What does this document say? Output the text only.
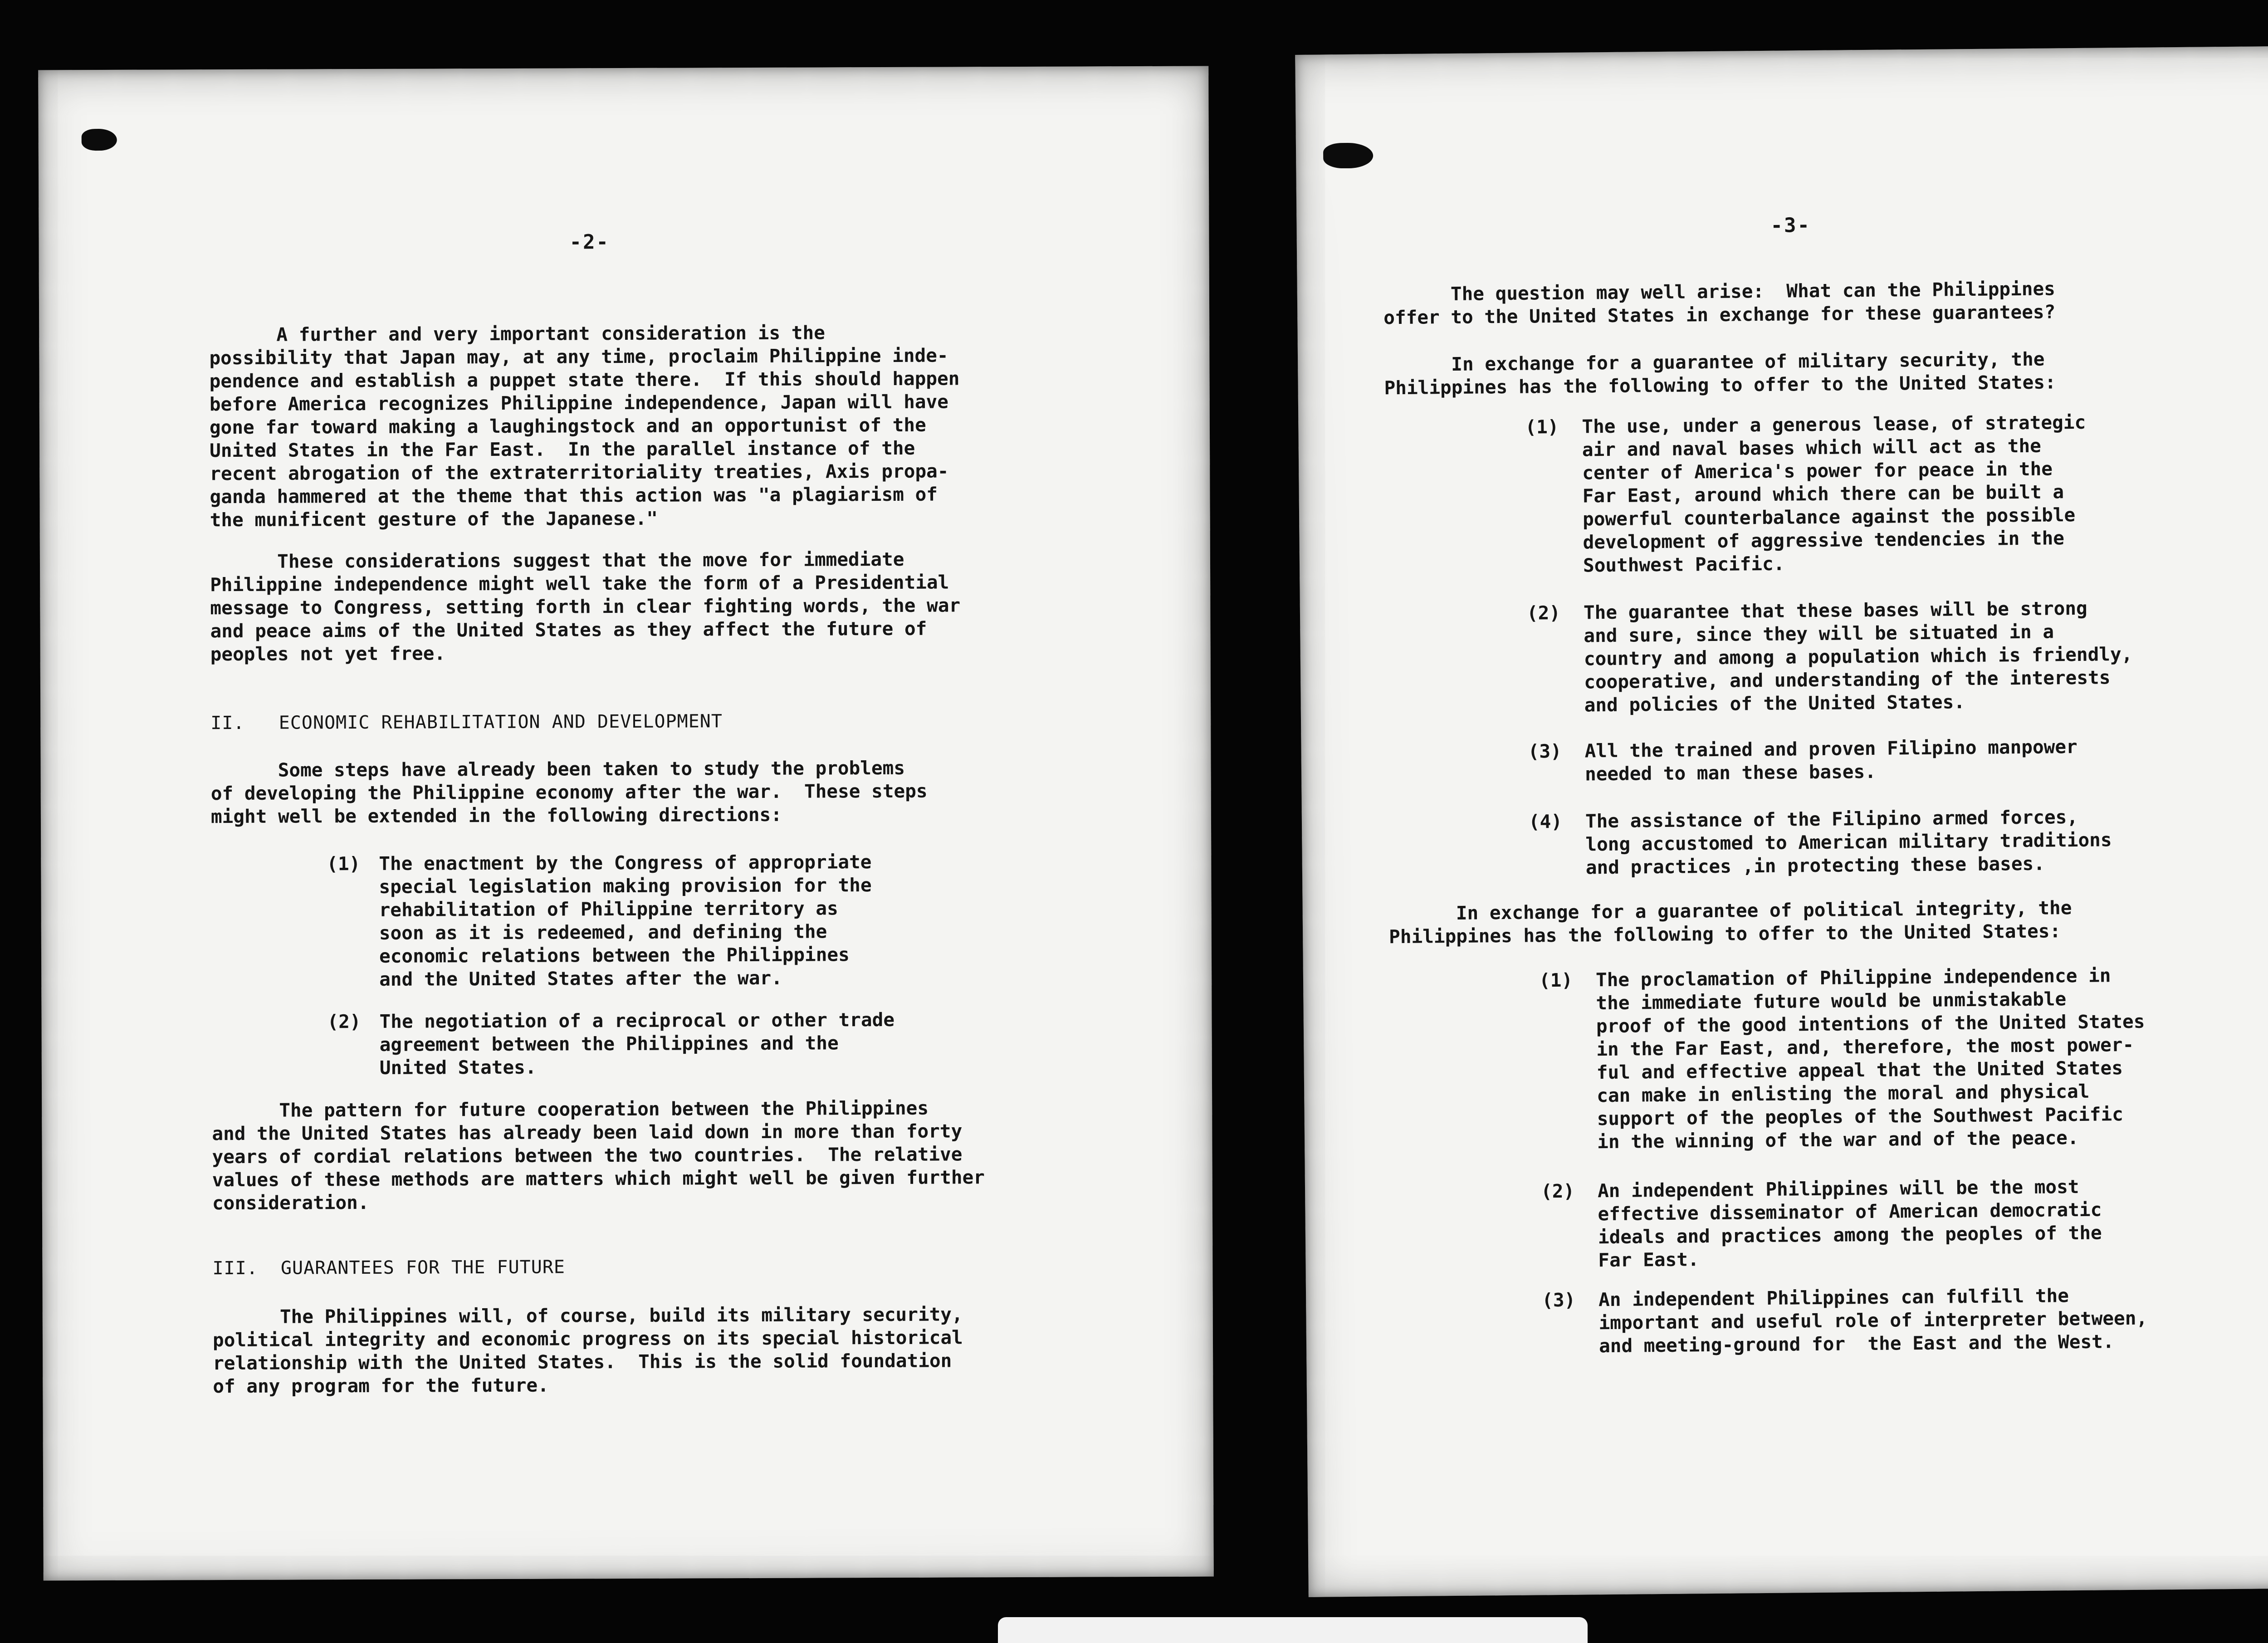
-2-
A further and very important consideration is the
possibility that Japan may, at any time, proclaim Philippine inde-
pendence and establish a puppet state there.  If this should happen
before America recognizes Philippine independence, Japan will have
gone far toward making a laughingstock and an opportunist of the
United States in the Far East.  In the parallel instance of the
recent abrogation of the extraterritoriality treaties, Axis propa-
ganda hammered at the theme that this action was "a plagiarism of
the munificent gesture of the Japanese."
These considerations suggest that the move for immediate
Philippine independence might well take the form of a Presidential
message to Congress, setting forth in clear fighting words, the war
and peace aims of the United States as they affect the future of
peoples not yet free.
II.   ECONOMIC REHABILITATION AND DEVELOPMENT
Some steps have already been taken to study the problems
of developing the Philippine economy after the war.  These steps
might well be extended in the following directions:
(1) The enactment by the Congress of appropriate
special legislation making provision for the
rehabilitation of Philippine territory as
soon as it is redeemed, and defining the
economic relations between the Philippines
and the United States after the war.
(2) The negotiation of a reciprocal or other trade
agreement between the Philippines and the
United States.
The pattern for future cooperation between the Philippines
and the United States has already been laid down in more than forty
years of cordial relations between the two countries.  The relative
values of these methods are matters which might well be given further
consideration.
III.  GUARANTEES FOR THE FUTURE
The Philippines will, of course, build its military security,
political integrity and economic progress on its special historical
relationship with the United States.  This is the solid foundation
of any program for the future.
-3-
The question may well arise:  What can the Philippines
offer to the United States in exchange for these guarantees?
In exchange for a guarantee of military security, the
Philippines has the following to offer to the United States:
(1) The use, under a generous lease, of strategic
air and naval bases which will act as the
center of America's power for peace in the
Far East, around which there can be built a
powerful counterbalance against the possible
development of aggressive tendencies in the
Southwest Pacific.
(2) The guarantee that these bases will be strong
and sure, since they will be situated in a
country and among a population which is friendly,
cooperative, and understanding of the interests
and policies of the United States.
(3) All the trained and proven Filipino manpower
needed to man these bases.
(4) The assistance of the Filipino armed forces,
long accustomed to American military traditions
and practices ,in protecting these bases.
In exchange for a guarantee of political integrity, the
Philippines has the following to offer to the United States:
(1) The proclamation of Philippine independence in
the immediate future would be unmistakable
proof of the good intentions of the United States
in the Far East, and, therefore, the most power-
ful and effective appeal that the United States
can make in enlisting the moral and physical
support of the peoples of the Southwest Pacific
in the winning of the war and of the peace.
(2) An independent Philippines will be the most
effective disseminator of American democratic
ideals and practices among the peoples of the
Far East.
(3) An independent Philippines can fulfill the
important and useful role of interpreter between,
and meeting-ground for  the East and the West.
